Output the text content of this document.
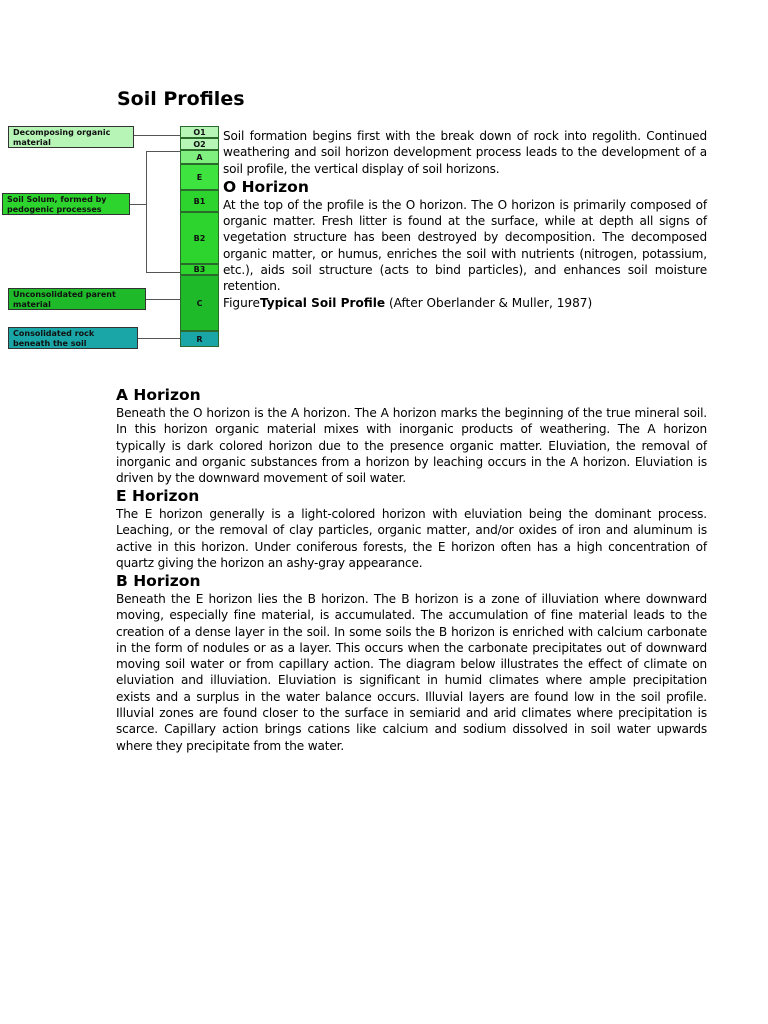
Soil Profiles
O1
O2
A
E
B1
B2
B3
C
R
Decomposing organic material
Soil Solum, formed by pedogenic processes
Unconsolidated parent material
Consolidated rock beneath the soil

Soil formation begins first with the break down of rock into regolith. Continued weathering and soil horizon development process leads to the development of a soil profile, the vertical display of soil horizons.

O Horizon

At the top of the profile is the O horizon. The O horizon is primarily composed of organic matter. Fresh litter is found at the surface, while at depth all signs of vegetation structure has been destroyed by decomposition. The decomposed organic matter, or humus, enriches the soil with nutrients (nitrogen, potassium, etc.), aids soil structure (acts to bind particles), and enhances soil moisture retention.

FigureTypical Soil Profile (After Oberlander & Muller, 1987)

A Horizon

Beneath the O horizon is the A horizon. The A horizon marks the beginning of the true mineral soil. In this horizon organic material mixes with inorganic products of weathering. The A horizon typically is dark colored horizon due to the presence organic matter. Eluviation, the removal of inorganic and organic substances from a horizon by leaching occurs in the A horizon. Eluviation is driven by the downward movement of soil water.

E Horizon

The E horizon generally is a light-colored horizon with eluviation being the dominant process. Leaching, or the removal of clay particles, organic matter, and/or oxides of iron and aluminum is active in this horizon. Under coniferous forests, the E horizon often has a high concentration of quartz giving the horizon an ashy-gray appearance.

B Horizon

Beneath the E horizon lies the B horizon. The B horizon is a zone of illuviation where downward moving, especially fine material, is accumulated. The accumulation of fine material leads to the creation of a dense layer in the soil. In some soils the B horizon is enriched with calcium carbonate in the form of nodules or as a layer. This occurs when the carbonate precipitates out of downward moving soil water or from capillary action. The diagram below illustrates the effect of climate on eluviation and illuviation. Eluviation is significant in humid climates where ample precipitation exists and a surplus in the water balance occurs. Illuvial layers are found low in the soil profile. Illuvial zones are found closer to the surface in semiarid and arid climates where precipitation is scarce. Capillary action brings cations like calcium and sodium dissolved in soil water upwards where they precipitate from the water.
